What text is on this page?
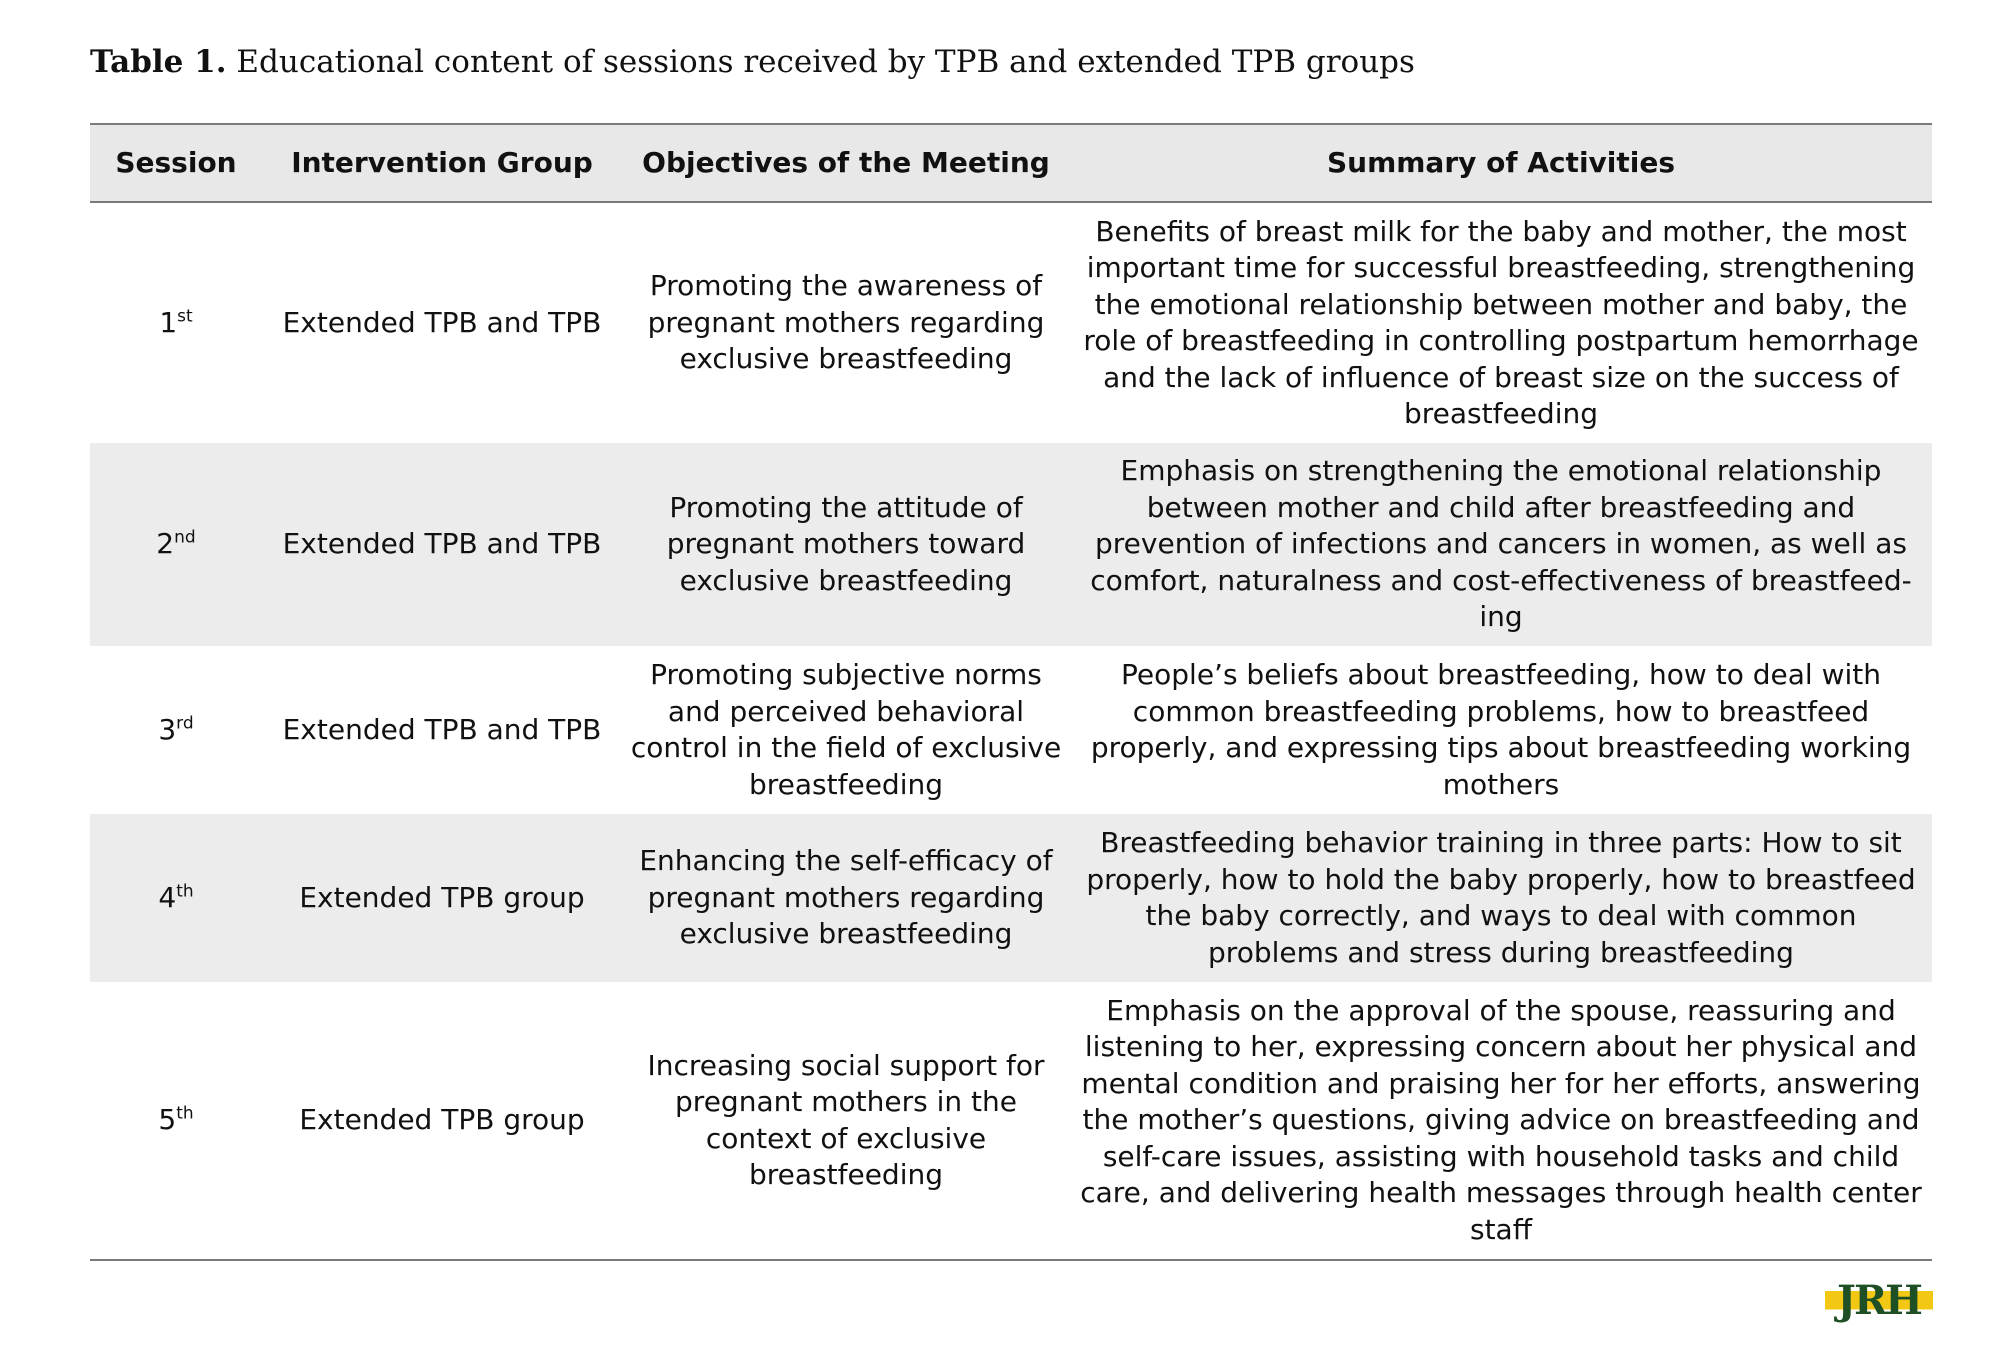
Table 1. Educational content of sessions received by TPB and extended TPB groups
Session	Intervention Group	Objectives of the Meeting	Summary of Activities
1st	Extended TPB and TPB	Promoting the awareness of pregnant mothers regarding exclusive breastfeeding	Benefits of breast milk for the baby and mother, the most important time for successful breastfeeding, strengthening the emotional relationship between mother and baby, the role of breastfeeding in controlling postpartum hemorrhage and the lack of influence of breast size on the success of breastfeeding
2nd	Extended TPB and TPB	Promoting the attitude of pregnant mothers toward exclusive breastfeeding	Emphasis on strengthening the emotional relationship between mother and child after breastfeeding and prevention of infections and cancers in women, as well as comfort, naturalness and cost-effectiveness of breastfeeding
3rd	Extended TPB and TPB	Promoting subjective norms and perceived behavioral control in the field of exclusive breastfeeding	People’s beliefs about breastfeeding, how to deal with common breastfeeding problems, how to breastfeed properly, and expressing tips about breastfeeding working mothers
4th	Extended TPB group	Enhancing the self-efficacy of pregnant mothers regarding exclusive breastfeeding	Breastfeeding behavior training in three parts: How to sit properly, how to hold the baby properly, how to breastfeed the baby correctly, and ways to deal with common problems and stress during breastfeeding
5th	Extended TPB group	Increasing social support for pregnant mothers in the context of exclusive breastfeeding	Emphasis on the approval of the spouse, reassuring and listening to her, expressing concern about her physical and mental condition and praising her for her efforts, answering the mother’s questions, giving advice on breastfeeding and self-care issues, assisting with household tasks and child care, and delivering health messages through health center staff
JRH
